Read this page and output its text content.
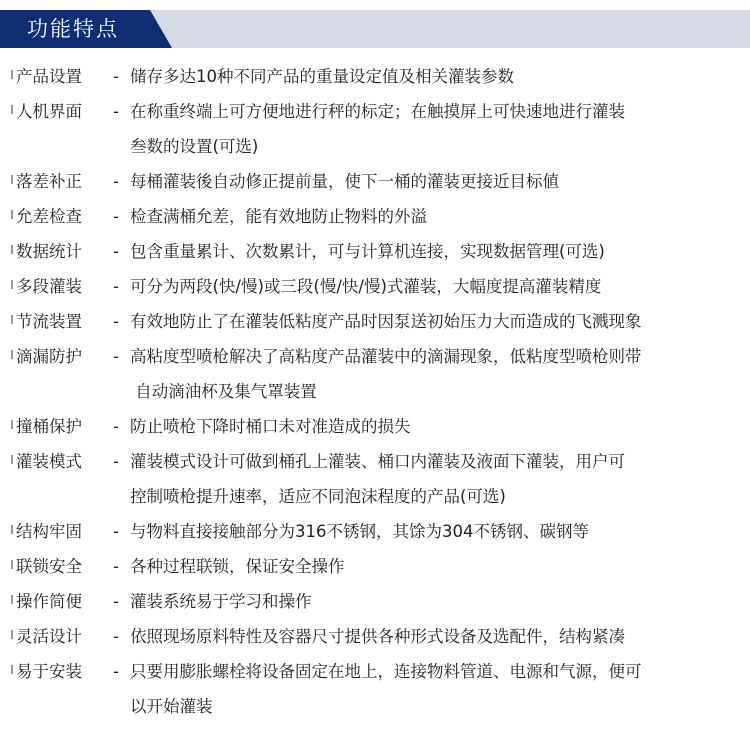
功能特点
产品设置	- 储存多达10种不同产品的重量设定值及相关灌装参数
人机界面	- 在称重终端上可方便地进行秤的标定；在触摸屏上可快速地进行灌装
叁数的设置(可选)
落差补正	- 每桶灌装後自动修正提前量，使下一桶的灌装更接近目标値
允差检查	- 检查满桶允差，能有效地防止物料的外溢
数据统计	- 包含重量累计、次数累计，可与计算机连接，实现数据管理(可选)
多段灌装	- 可分为两段(快/慢)或三段(慢/快/慢)式灌装，大幅度提高灌装精度
节流装置	- 有效地防止了在灌装低粘度产品时因泵送初始压力大而造成的飞溅现象
滴漏防护	- 高粘度型喷枪解决了高粘度产品灌装中的滴漏现象，低粘度型喷枪则带
自动滴油杯及集气罩装置
撞桶保护	- 防止喷枪下降时桶口未对准造成的损失
灌装模式	- 灌装模式设计可做到桶孔上灌装、桶口内灌装及液面下灌装，用户可
控制喷枪提升速率，适应不同泡沫程度的产品(可选)
结构牢固	- 与物料直接接触部分为316不锈钢，其馀为304不锈钢、碳钢等
联锁安全	- 各种过程联锁，保证安全操作
操作简便	- 灌装系统易于学习和操作
灵活设计	- 依照现场原料特性及容器尺寸提供各种形式设备及选配件，结构紧凑
易于安装	- 只要用膨胀螺栓将设备固定在地上，连接物料管道、电源和气源，便可
以开始灌装
